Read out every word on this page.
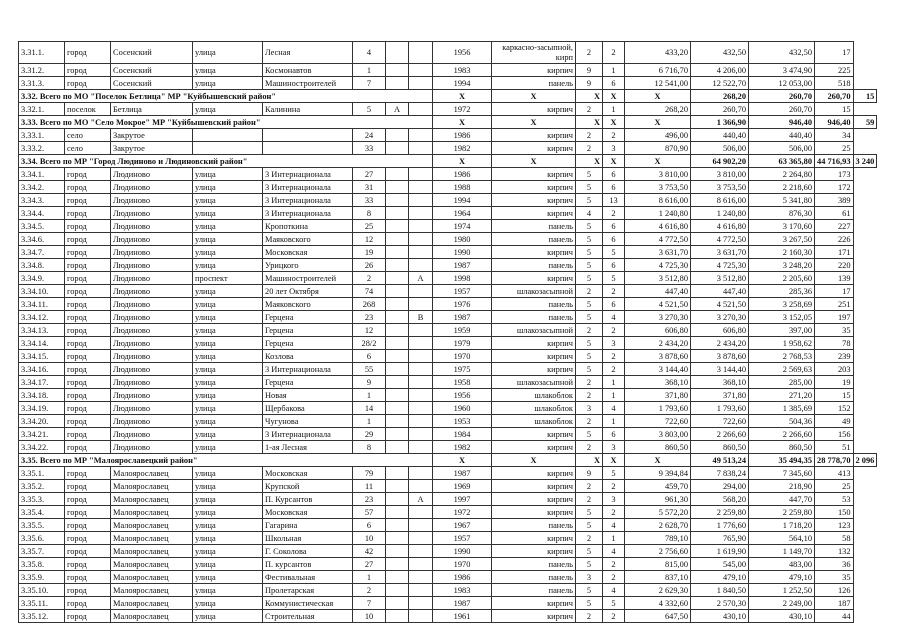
3.31.1.	город	Сосенский	улица	Лесная	4			1956	каркасно-засыпной, кирп	2	2	433,20	432,50	432,50	17	
3.31.2.	город	Сосенский	улица	Космонавтов	1			1983	кирпич	9	1	6 716,70	4 206,00	3 474,90	225	
3.31.3.	город	Сосенский	улица	Машиностроителей	7			1994	панель	9	6	12 541,00	12 522,70	12 053,00	518	
3.32. Всего по МО "Поселок Бетлица" МР "Куйбышевский район"								X	X	X	X	X	268,20	260,70	260,70	15
3.32.1.	поселок	Бетлица	улица	Калинина	5	А		1972	кирпич	2	1	268,20	260,70	260,70	15	
3.33. Всего по МО "Село Мокрое" МР "Куйбышевский район"								X	X	X	X	X	1 366,90	946,40	946,40	59
3.33.1.	село	Закрутое			24			1986	кирпич	2	2	496,00	440,40	440,40	34	
3.33.2.	село	Закрутое			33			1982	кирпич	2	3	870,90	506,00	506,00	25	
3.34. Всего по МР "Город Людиново и Людиновский район"								X	X	X	X	X	64 902,20	63 365,80	44 716,93	3 240
3.34.1.	город	Людиново	улица	3 Интернационала	27			1986	кирпич	5	6	3 810,00	3 810,00	2 264,80	173	
3.34.2.	город	Людиново	улица	3 Интернационала	31			1988	кирпич	5	6	3 753,50	3 753,50	2 218,60	172	
3.34.3.	город	Людиново	улица	3 Интернационала	33			1994	кирпич	5	13	8 616,00	8 616,00	5 341,80	389	
3.34.4.	город	Людиново	улица	3 Интернационала	8			1964	кирпич	4	2	1 240,80	1 240,80	876,30	61	
3.34.5.	город	Людиново	улица	Кропоткина	25			1974	панель	5	6	4 616,80	4 616,80	3 170,60	227	
3.34.6.	город	Людиново	улица	Маяковского	12			1980	панель	5	6	4 772,50	4 772,50	3 267,50	226	
3.34.7.	город	Людиново	улица	Московская	19			1990	кирпич	5	5	3 631,70	3 631,70	2 160,30	171	
3.34.8.	город	Людиново	улица	Урицкого	26			1987	панель	5	6	4 725,30	4 725,30	3 248,20	220	
3.34.9.	город	Людиново	проспект	Машиностроителей	2		А	1998	кирпич	5	5	3 512,80	3 512,80	2 205,60	139	
3.34.10.	город	Людиново	улица	20 лет Октября	74			1957	шлакозасыпной	2	2	447,40	447,40	285,36	17	
3.34.11.	город	Людиново	улица	Маяковского	268			1976	панель	5	6	4 521,50	4 521,50	3 258,69	251	
3.34.12.	город	Людиново	улица	Герцена	23		В	1987	панель	5	4	3 270,30	3 270,30	3 152,05	197	
3.34.13.	город	Людиново	улица	Герцена	12			1959	шлакозасыпной	2	2	606,80	606,80	397,00	35	
3.34.14.	город	Людиново	улица	Герцена	28/2			1979	кирпич	5	3	2 434,20	2 434,20	1 958,62	78	
3.34.15.	город	Людиново	улица	Козлова	6			1970	кирпич	5	2	3 878,60	3 878,60	2 768,53	239	
3.34.16.	город	Людиново	улица	3 Интернационала	55			1975	кирпич	5	2	3 144,40	3 144,40	2 569,63	203	
3.34.17.	город	Людиново	улица	Герцена	9			1958	шлакозасыпной	2	1	368,10	368,10	285,00	19	
3.34.18.	город	Людиново	улица	Новая	1			1956	шлакоблок	2	1	371,80	371,80	271,20	15	
3.34.19.	город	Людиново	улица	Щербакова	14			1960	шлакоблок	3	4	1 793,60	1 793,60	1 385,69	152	
3.34.20.	город	Людиново	улица	Чугунова	1			1953	шлакоблок	2	1	722,60	722,60	504,36	49	
3.34.21.	город	Людиново	улица	3 Интернационала	29			1984	кирпич	5	6	3 803,00	2 266,60	2 266,60	156	
3.34.22.	город	Людиново	улица	1-ая Лесная	8			1982	кирпич	2	3	860,50	860,50	860,50	51	
3.35. Всего по МР "Малоярославецкий район"								X	X	X	X	X	49 513,24	35 494,35	28 778,70	2 096
3.35.1.	город	Малоярославец	улица	Московская	79			1987	кирпич	9	5	9 394,84	7 838,24	7 345,60	413	
3.35.2.	город	Малоярославец	улица	Крупской	11			1969	кирпич	2	2	459,70	294,00	218,90	25	
3.35.3.	город	Малоярославец	улица	П. Курсантов	23		А	1997	кирпич	2	3	961,30	568,20	447,70	53	
3.35.4.	город	Малоярославец	улица	Московская	57			1972	кирпич	5	2	5 572,20	2 259,80	2 259,80	150	
3.35.5.	город	Малоярославец	улица	Гагарина	6			1967	панель	5	4	2 628,70	1 776,60	1 718,20	123	
3.35.6.	город	Малоярославец	улица	Школьная	10			1957	кирпич	2	1	789,10	765,90	564,10	58	
3.35.7.	город	Малоярославец	улица	Г. Соколова	42			1990	кирпич	5	4	2 756,60	1 619,90	1 149,70	132	
3.35.8.	город	Малоярославец	улица	П. курсантов	27			1970	панель	5	2	815,00	545,00	483,00	36	
3.35.9.	город	Малоярославец	улица	Фестивальная	1			1986	панель	3	2	837,10	479,10	479,10	35	
3.35.10.	город	Малоярославец	улица	Пролетарская	2			1983	панель	5	4	2 629,30	1 840,50	1 252,50	126	
3.35.11.	город	Малоярославец	улица	Коммунистическая	7			1987	кирпич	5	5	4 332,60	2 570,30	2 249,00	187	
3.35.12.	город	Малоярославец	улица	Строительная	10			1961	кирпич	2	2	647,50	430,10	430,10	44	
